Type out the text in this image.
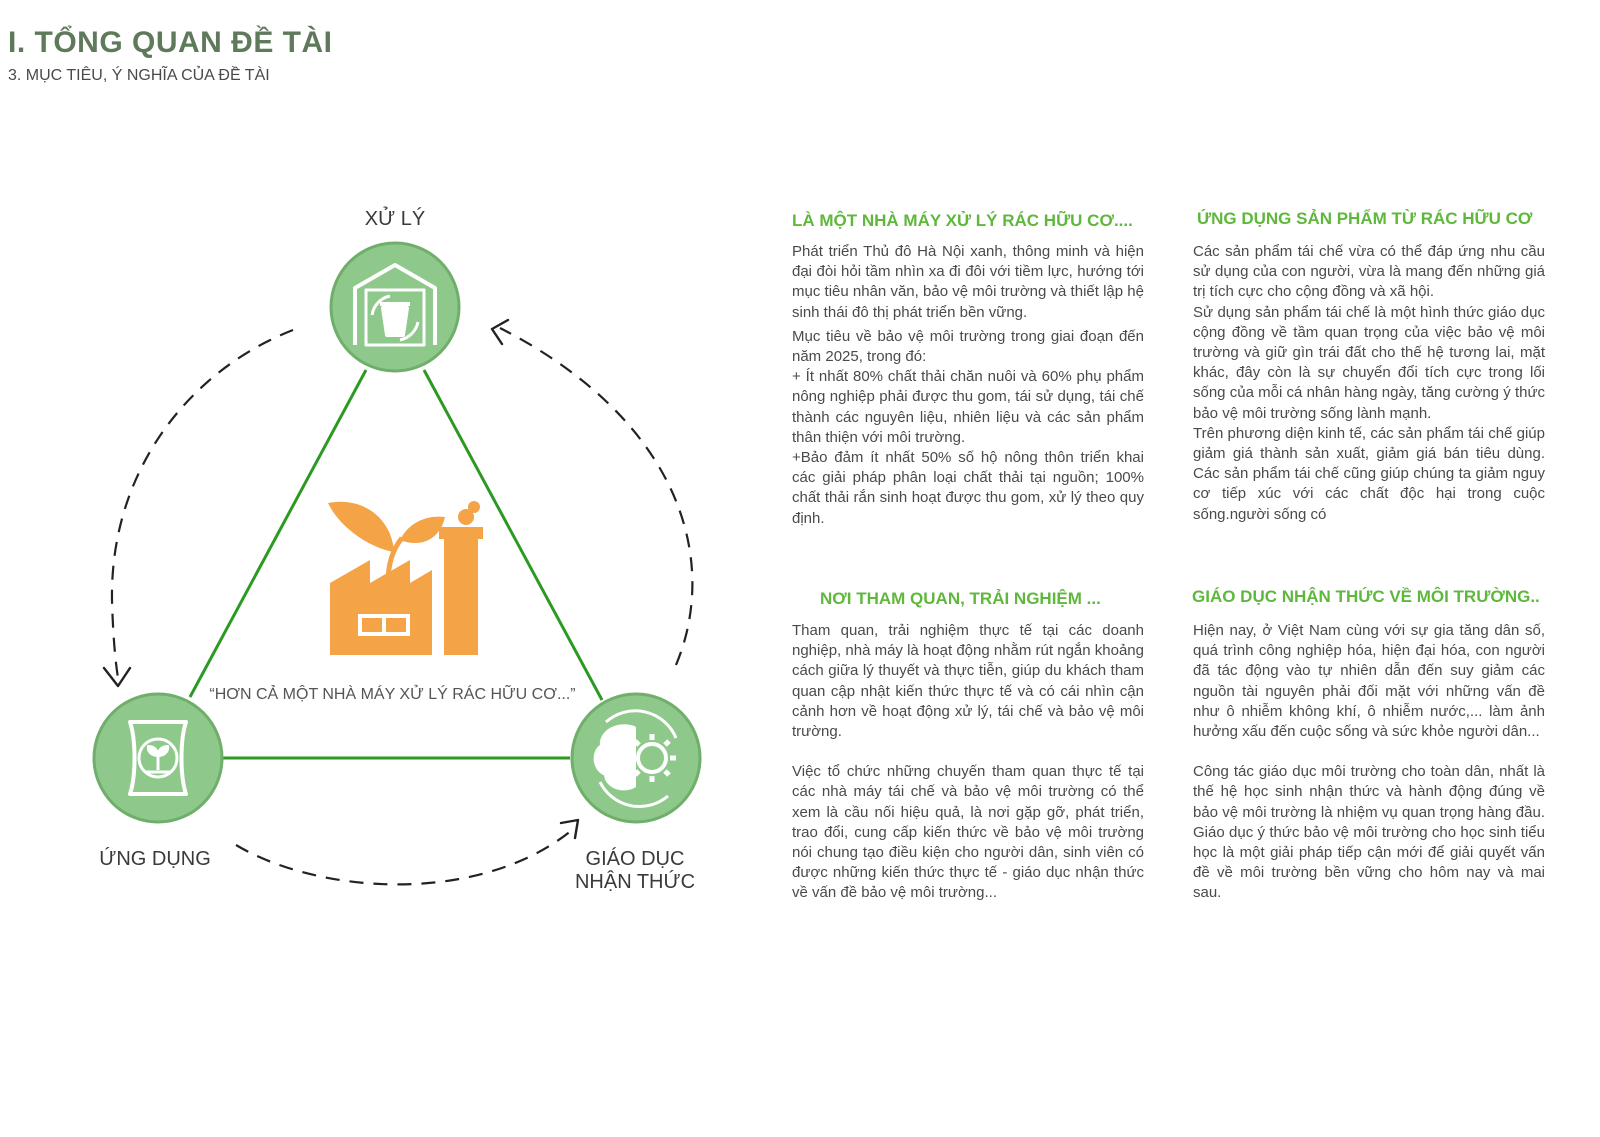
I. TỔNG QUAN ĐỀ TÀI

3. MỤC TIÊU, Ý NGHĨA CỦA ĐỀ TÀI

XỬ LÝ
ỨNG DỤNG	GIÁO DỤC
NHẬN THỨC
“HƠN CẢ MỘT NHÀ MÁY XỬ LÝ RÁC HỮU CƠ...”
LÀ MỘT NHÀ MÁY XỬ LÝ RÁC HỮU CƠ....

Phát triển Thủ đô Hà Nội xanh, thông minh và hiện đại đòi hỏi tầm nhìn xa đi đôi với tiềm lực, hướng tới mục tiêu nhân văn, bảo vệ môi trường và thiết lập hệ sinh thái đô thị phát triển bền vững.

Mục tiêu về bảo vệ môi trường trong giai đoạn đến năm 2025, trong đó:

+ Ít nhất 80% chất thải chăn nuôi và 60% phụ phẩm nông nghiệp phải được thu gom, tái sử dụng, tái chế thành các nguyên liệu, nhiên liệu và các sản phẩm thân thiện với môi trường.

+Bảo đảm ít nhất 50% số hộ nông thôn triển khai các giải pháp phân loại chất thải tại nguồn; 100% chất thải rắn sinh hoạt được thu gom, xử lý theo quy định.

ỨNG DỤNG SẢN PHẨM TỪ RÁC HỮU CƠ

Các sản phẩm tái chế vừa có thể đáp ứng nhu cầu sử dụng của con người, vừa là mang đến những giá trị tích cực cho cộng đồng và xã hội.

Sử dụng sản phẩm tái chế là một hình thức giáo dục cộng đồng về tầm quan trọng của việc bảo vệ môi trường và giữ gìn trái đất cho thế hệ tương lai, mặt khác, đây còn là sự chuyển đổi tích cực trong lối sống của mỗi cá nhân hàng ngày, tăng cường ý thức bảo vệ môi trường sống lành mạnh.

Trên phương diện kinh tế, các sản phẩm tái chế giúp giảm giá thành sản xuất, giảm giá bán tiêu dùng. Các sản phẩm tái chế cũng giúp chúng ta giảm nguy cơ tiếp xúc với các chất độc hại trong cuộc sống.người sống có

NƠI THAM QUAN, TRẢI NGHIỆM ...

Tham quan, trải nghiệm thực tế tại các doanh nghiệp, nhà máy là hoạt động nhằm rút ngắn khoảng cách giữa lý thuyết và thực tiễn, giúp du khách tham quan cập nhật kiến thức thực tế và có cái nhìn cận cảnh hơn về hoạt động xử lý, tái chế và bảo vệ môi trường.

Việc tổ chức những chuyến tham quan thực tế tại các nhà máy tái chế và bảo vệ môi trường có thể xem là cầu nối hiệu quả, là nơi gặp gỡ, phát triển, trao đổi, cung cấp kiến thức về bảo vệ môi trường nói chung tạo điều kiện cho người dân, sinh viên có được những kiến thức thực tế - giáo dục nhận thức về vấn đề bảo vệ môi trường...

GIÁO DỤC NHẬN THỨC VỀ MÔI TRƯỜNG..

Hiện nay, ở Việt Nam cùng với sự gia tăng dân số, quá trình công nghiệp hóa, hiện đại hóa, con người đã tác động vào tự nhiên dẫn đến suy giảm các nguồn tài nguyên phải đối mặt với những vấn đề như ô nhiễm không khí, ô nhiễm nước,... làm ảnh hưởng xấu đến cuộc sống và sức khỏe người dân...

Công tác giáo dục môi trường cho toàn dân, nhất là thế hệ học sinh nhận thức và hành động đúng về bảo vệ môi trường là nhiệm vụ quan trọng hàng đầu. Giáo dục ý thức bảo vệ môi trường cho học sinh tiểu học là một giải pháp tiếp cận mới để giải quyết vấn đề về môi trường bền vững cho hôm nay và mai sau.
